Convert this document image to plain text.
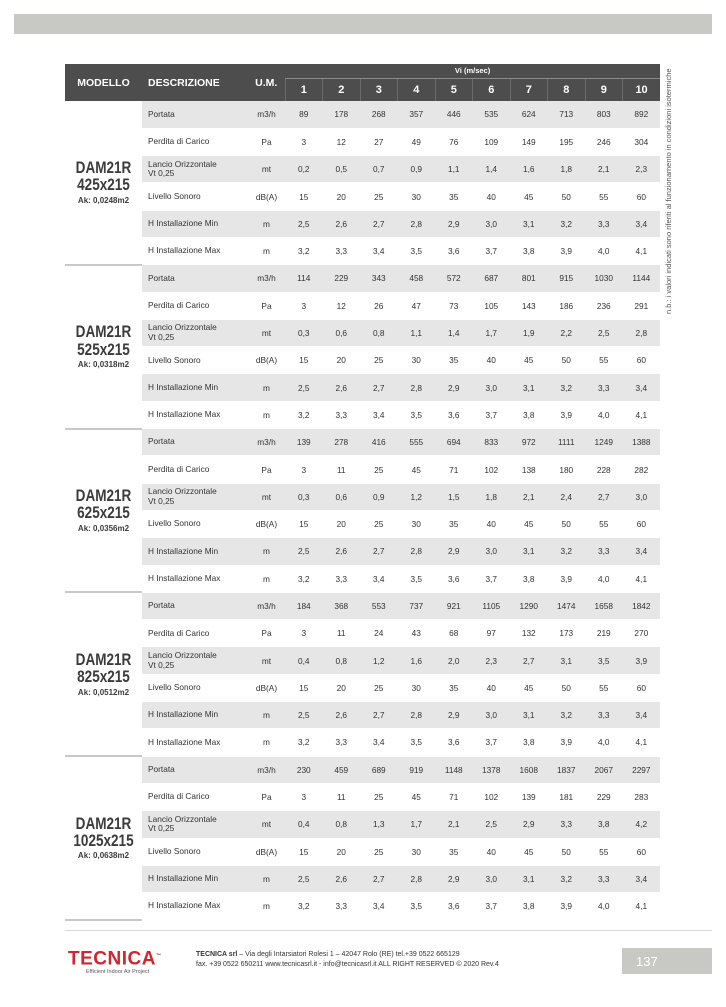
n.b.: i valori indicati sono riferiti al funzionamento in condizioni isotermiche
MODELLO	DESCRIZIONE	U.M.	Vi (m/sec)									
			1	2	3	4	5	6	7	8	9	10

DAM21R
425x215
Ak: 0,0248m2	Portata	m3/h	89	178	268	357	446	535	624	713	803	892
	Perdita di Carico	Pa	3	12	27	49	76	109	149	195	246	304
	Lancio Orizzontale
Vt 0,25	mt	0,2	0,5	0,7	0,9	1,1	1,4	1,6	1,8	2,1	2,3
	Livello Sonoro	dB(A)	15	20	25	30	35	40	45	50	55	60
	H Installazione Min	m	2,5	2,6	2,7	2,8	2,9	3,0	3,1	3,2	3,3	3,4
	H Installazione Max	m	3,2	3,3	3,4	3,5	3,6	3,7	3,8	3,9	4,0	4,1

DAM21R
525x215
Ak: 0,0318m2	Portata	m3/h	114	229	343	458	572	687	801	915	1030	1144
	Perdita di Carico	Pa	3	12	26	47	73	105	143	186	236	291
	Lancio Orizzontale
Vt 0,25	mt	0,3	0,6	0,8	1,1	1,4	1,7	1,9	2,2	2,5	2,8
	Livello Sonoro	dB(A)	15	20	25	30	35	40	45	50	55	60
	H Installazione Min	m	2,5	2,6	2,7	2,8	2,9	3,0	3,1	3,2	3,3	3,4
	H Installazione Max	m	3,2	3,3	3,4	3,5	3,6	3,7	3,8	3,9	4,0	4,1

DAM21R
625x215
Ak: 0,0356m2	Portata	m3/h	139	278	416	555	694	833	972	1111	1249	1388
	Perdita di Carico	Pa	3	11	25	45	71	102	138	180	228	282
	Lancio Orizzontale
Vt 0,25	mt	0,3	0,6	0,9	1,2	1,5	1,8	2,1	2,4	2,7	3,0
	Livello Sonoro	dB(A)	15	20	25	30	35	40	45	50	55	60
	H Installazione Min	m	2,5	2,6	2,7	2,8	2,9	3,0	3,1	3,2	3,3	3,4
	H Installazione Max	m	3,2	3,3	3,4	3,5	3,6	3,7	3,8	3,9	4,0	4,1

DAM21R
825x215
Ak: 0,0512m2	Portata	m3/h	184	368	553	737	921	1105	1290	1474	1658	1842
	Perdita di Carico	Pa	3	11	24	43	68	97	132	173	219	270
	Lancio Orizzontale
Vt 0,25	mt	0,4	0,8	1,2	1,6	2,0	2,3	2,7	3,1	3,5	3,9
	Livello Sonoro	dB(A)	15	20	25	30	35	40	45	50	55	60
	H Installazione Min	m	2,5	2,6	2,7	2,8	2,9	3,0	3,1	3,2	3,3	3,4
	H Installazione Max	m	3,2	3,3	3,4	3,5	3,6	3,7	3,8	3,9	4,0	4,1

DAM21R
1025x215
Ak: 0,0638m2	Portata	m3/h	230	459	689	919	1148	1378	1608	1837	2067	2297
	Perdita di Carico	Pa	3	11	25	45	71	102	139	181	229	283
	Lancio Orizzontale
Vt 0,25	mt	0,4	0,8	1,3	1,7	2,1	2,5	2,9	3,3	3,8	4,2
	Livello Sonoro	dB(A)	15	20	25	30	35	40	45	50	55	60
	H Installazione Min	m	2,5	2,6	2,7	2,8	2,9	3,0	3,1	3,2	3,3	3,4
	H Installazione Max	m	3,2	3,3	3,4	3,5	3,6	3,7	3,8	3,9	4,0	4,1
TECNICA™
Efficient Indoor Air Project
TECNICA srl – Via degli Intarsiatori Rolesi 1 – 42047 Rolo (RE) tel.+39 0522 665129
fax. +39 0522 650211 www.tecnicasrl.it - info@tecnicasrl.it ALL RIGHT RESERVED © 2020 Rev.4	137
